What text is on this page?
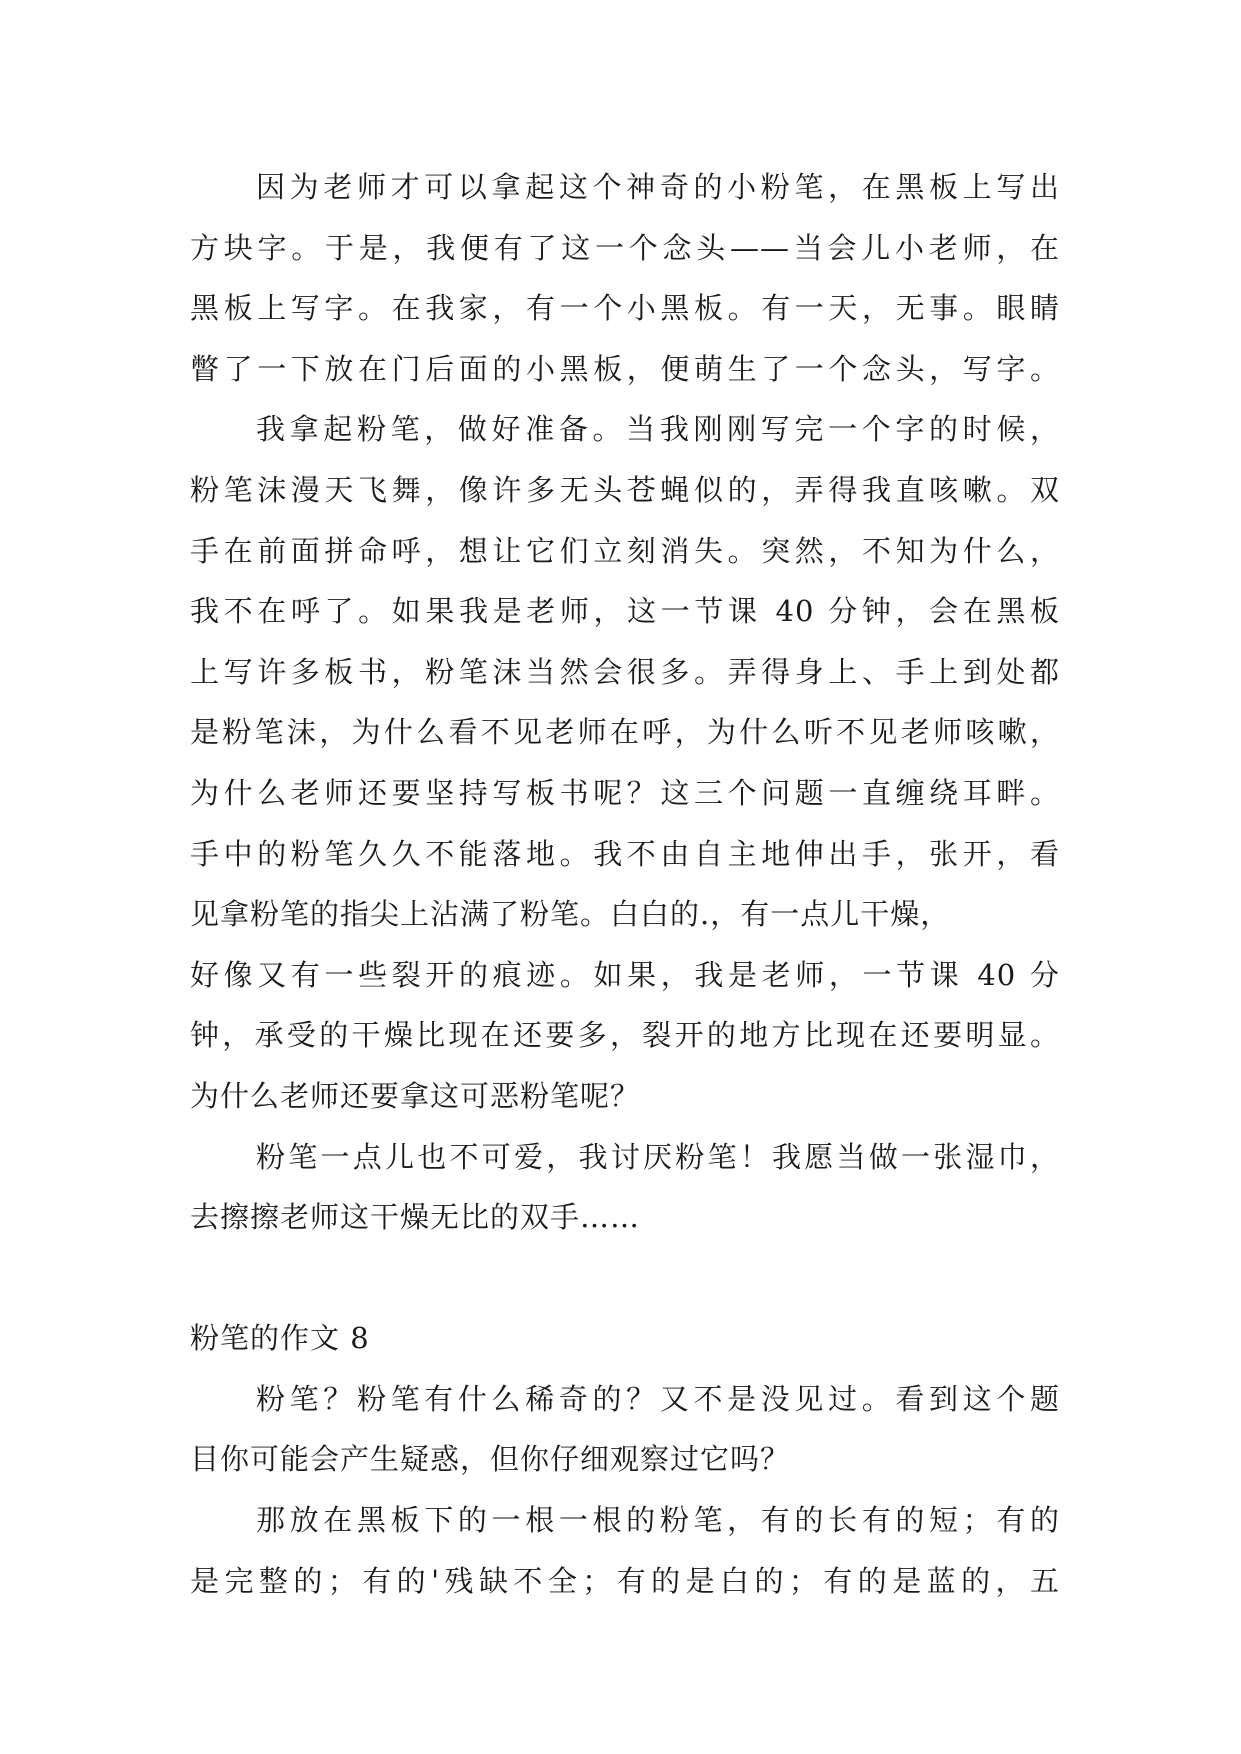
因为老师才可以拿起这个神奇的小粉笔，在黑板上写出
方块字。于是，我便有了这一个念头——当会儿小老师，在
黑板上写字。在我家，有一个小黑板。有一天，无事。眼睛
瞥了一下放在门后面的小黑板，便萌生了一个念头，写字。
我拿起粉笔，做好准备。当我刚刚写完一个字的时候，
粉笔沫漫天飞舞，像许多无头苍蝇似的，弄得我直咳嗽。双
手在前面拼命呼，想让它们立刻消失。突然，不知为什么，
我不在呼了。如果我是老师，这一节课 40 分钟，会在黑板
上写许多板书，粉笔沫当然会很多。弄得身上、手上到处都
是粉笔沫，为什么看不见老师在呼，为什么听不见老师咳嗽，
为什么老师还要坚持写板书呢？这三个问题一直缠绕耳畔。
手中的粉笔久久不能落地。我不由自主地伸出手，张开，看
见拿粉笔的指尖上沾满了粉笔。白白的.，有一点儿干燥，
好像又有一些裂开的痕迹。如果，我是老师，一节课 40 分
钟，承受的干燥比现在还要多，裂开的地方比现在还要明显。
为什么老师还要拿这可恶粉笔呢？
粉笔一点儿也不可爱，我讨厌粉笔！我愿当做一张湿巾，
去擦擦老师这干燥无比的双手……
粉笔的作文 8
粉笔？粉笔有什么稀奇的？又不是没见过。看到这个题
目你可能会产生疑惑，但你仔细观察过它吗？
那放在黑板下的一根一根的粉笔，有的长有的短；有的
是完整的；有的'残缺不全；有的是白的；有的是蓝的，五
